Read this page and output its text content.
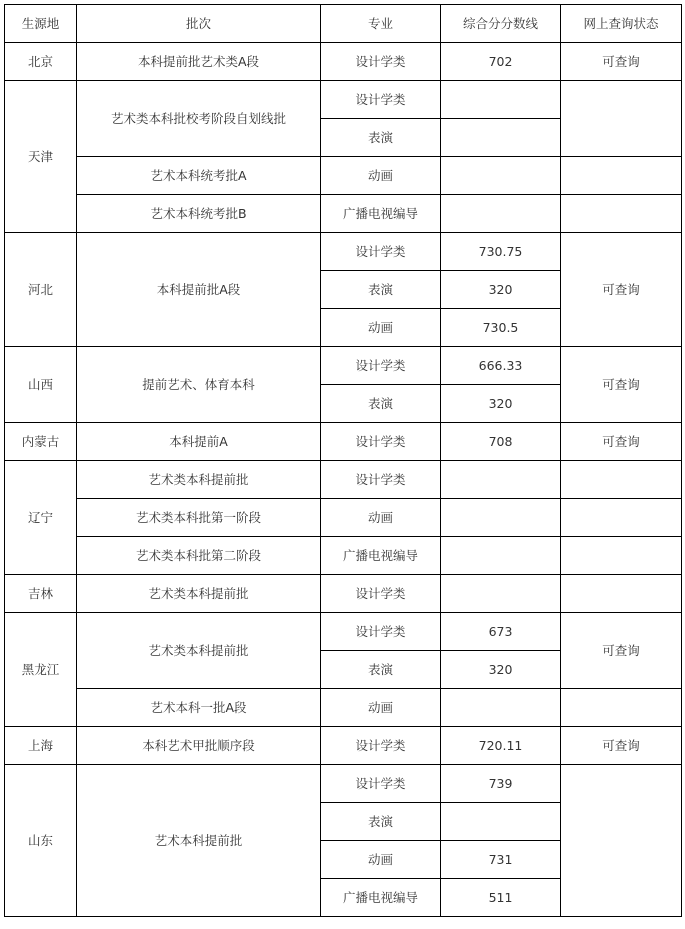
生源地	批次	专业	综合分分数线	网上查询状态
北京	本科提前批艺术类A段	设计学类	702	可查询
天津	艺术类本科批校考阶段自划线批	设计学类		
		表演		
	艺术本科统考批A	动画		
	艺术本科统考批B	广播电视编导		
河北	本科提前批A段	设计学类	730.75	可查询
		表演	320	
		动画	730.5	
山西	提前艺术、体育本科	设计学类	666.33	可查询
		表演	320	
内蒙古	本科提前A	设计学类	708	可查询
辽宁	艺术类本科提前批	设计学类		
	艺术类本科批第一阶段	动画		
	艺术类本科批第二阶段	广播电视编导		
吉林	艺术类本科提前批	设计学类		
黑龙江	艺术类本科提前批	设计学类	673	可查询
		表演	320	
	艺术本科一批A段	动画		
上海	本科艺术甲批顺序段	设计学类	720.11	可查询
山东	艺术本科提前批	设计学类	739	
		表演		
		动画	731	
		广播电视编导	511	
